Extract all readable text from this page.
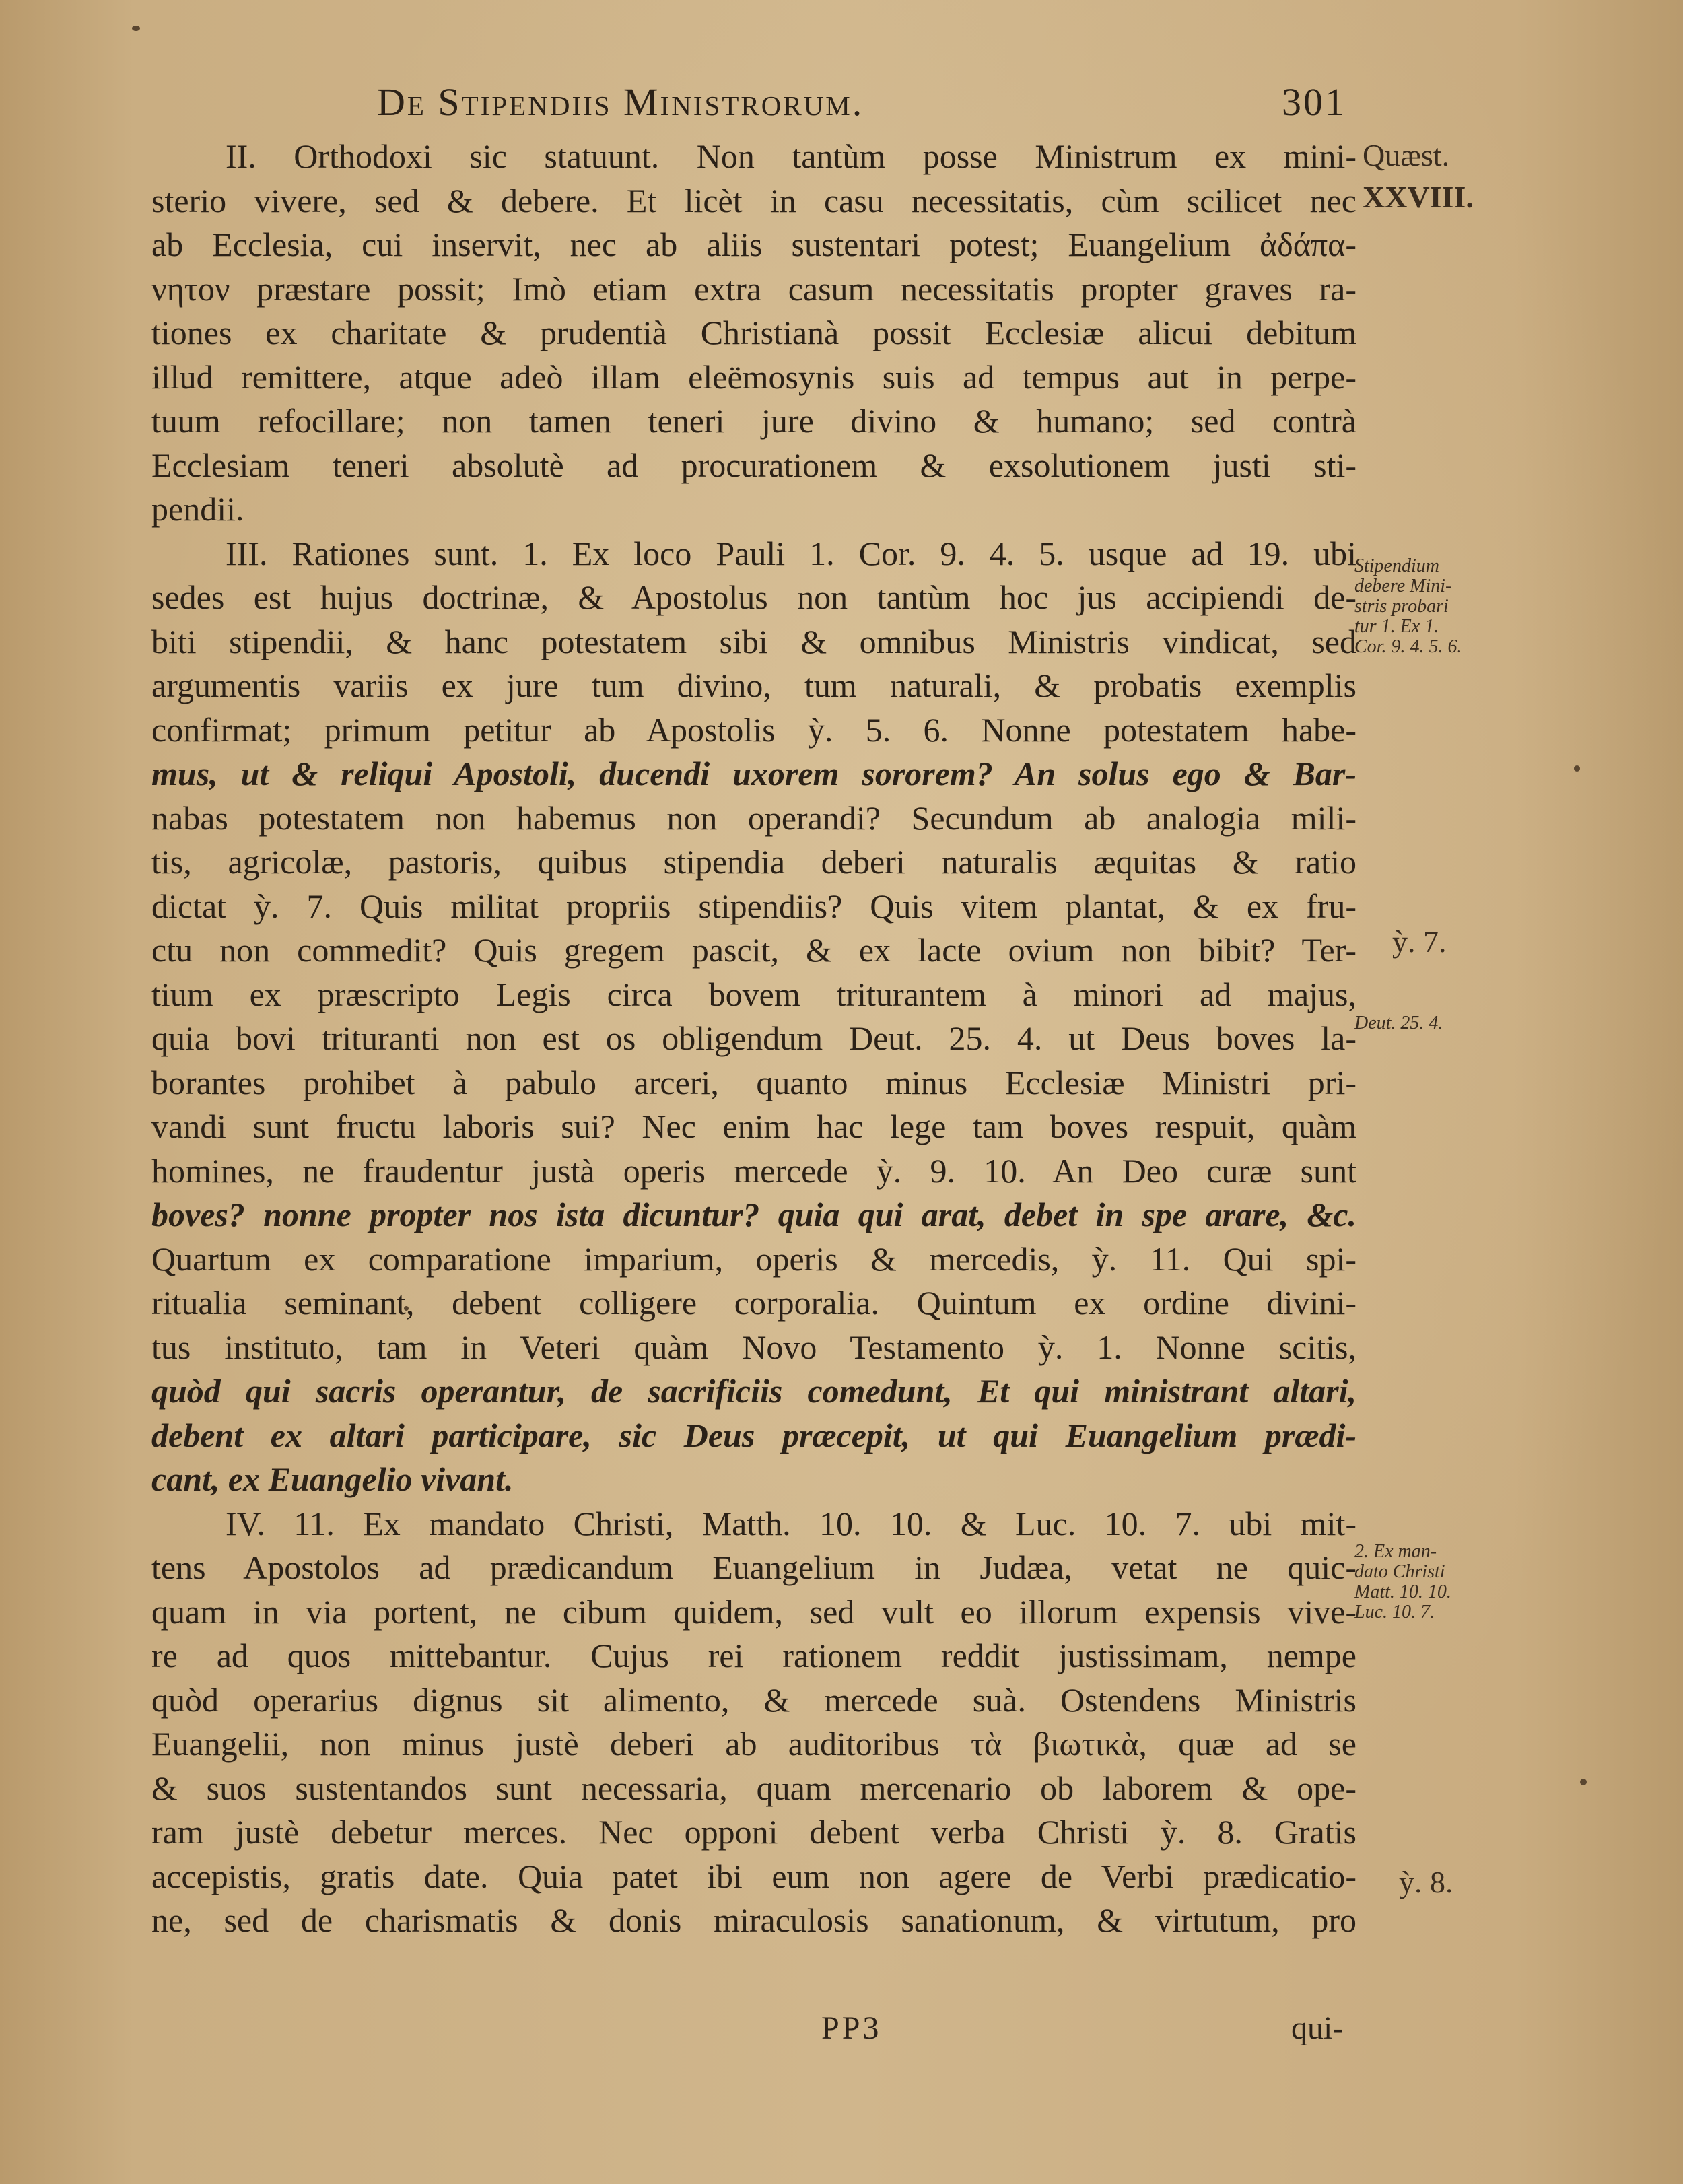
De Stipendiis Ministrorum.	301

II. Orthodoxi sic statuunt. Non tantùm posse Ministrum ex mini-
sterio vivere, sed & debere. Et licèt in casu necessitatis, cùm scilicet nec
ab Ecclesia, cui inservit, nec ab aliis sustentari potest; Euangelium ἀδάπα-
νητον præstare possit; Imò etiam extra casum necessitatis propter graves ra-
tiones ex charitate & prudentià Christianà possit Ecclesiæ alicui debitum
illud remittere, atque adeò illam eleëmosynis suis ad tempus aut in perpe-
tuum refocillare; non tamen teneri jure divino & humano; sed contrà
Ecclesiam teneri absolutè ad procurationem & exsolutionem justi sti-
pendii.

III. Rationes sunt. 1. Ex loco Pauli 1. Cor. 9. 4. 5. usque ad 19. ubi
sedes est hujus doctrinæ, & Apostolus non tantùm hoc jus accipiendi de-
biti stipendii, & hanc potestatem sibi & omnibus Ministris vindicat, sed
argumentis variis ex jure tum divino, tum naturali, & probatis exemplis
confirmat; primum petitur ab Apostolis ỳ. 5. 6. Nonne potestatem habe-
mus, ut & reliqui Apostoli, ducendi uxorem sororem? An solus ego & Bar-
nabas potestatem non habemus non operandi? Secundum ab analogia mili-
tis, agricolæ, pastoris, quibus stipendia deberi naturalis æquitas & ratio
dictat ỳ. 7. Quis militat propriis stipendiis? Quis vitem plantat, & ex fru-
ctu non commedit? Quis gregem pascit, & ex lacte ovium non bibit? Ter-
tium ex præscripto Legis circa bovem triturantem à minori ad majus,
quia bovi trituranti non est os obligendum Deut. 25. 4. ut Deus boves la-
borantes prohibet à pabulo arceri, quanto minus Ecclesiæ Ministri pri-
vandi sunt fructu laboris sui? Nec enim hac lege tam boves respuit, quàm
homines, ne fraudentur justà operis mercede ỳ. 9. 10. An Deo curæ sunt
boves? nonne propter nos ista dicuntur? quia qui arat, debet in spe arare, &c.
Quartum ex comparatione imparium, operis & mercedis, ỳ. 11. Qui spi-
ritualia seminant, debent colligere corporalia. Quintum ex ordine divini-
tus instituto, tam in Veteri quàm Novo Testamento ỳ. 1. Nonne scitis,
quòd qui sacris operantur, de sacrificiis comedunt, Et qui ministrant altari,
debent ex altari participare, sic Deus præcepit, ut qui Euangelium prædi-
cant, ex Euangelio vivant.

IV. 11. Ex mandato Christi, Matth. 10. 10. & Luc. 10. 7. ubi mit-
tens Apostolos ad prædicandum Euangelium in Judæa, vetat ne quic-
quam in via portent, ne cibum quidem, sed vult eo illorum expensis vive-
re ad quos mittebantur. Cujus rei rationem reddit justissimam, nempe
quòd operarius dignus sit alimento, & mercede suà. Ostendens Ministris
Euangelii, non minus justè deberi ab auditoribus τὰ βιωτικὰ, quæ ad se
& suos sustentandos sunt necessaria, quam mercenario ob laborem & ope-
ram justè debetur merces. Nec opponi debent verba Christi ỳ. 8. Gratis
accepistis, gratis date. Quia patet ibi eum non agere de Verbi prædicatio-
ne, sed de charismatis & donis miraculosis sanationum, & virtutum, pro

Quæst.
XXVIII.
Stipendium
debere Mini-
stris probari
tur 1. Ex 1.
Cor. 9. 4. 5. 6.
ỳ. 7.
Deut. 25. 4.
2. Ex man-
dato Christi
Matt. 10. 10.
Luc. 10. 7.
ỳ. 8.
PP3	qui-
